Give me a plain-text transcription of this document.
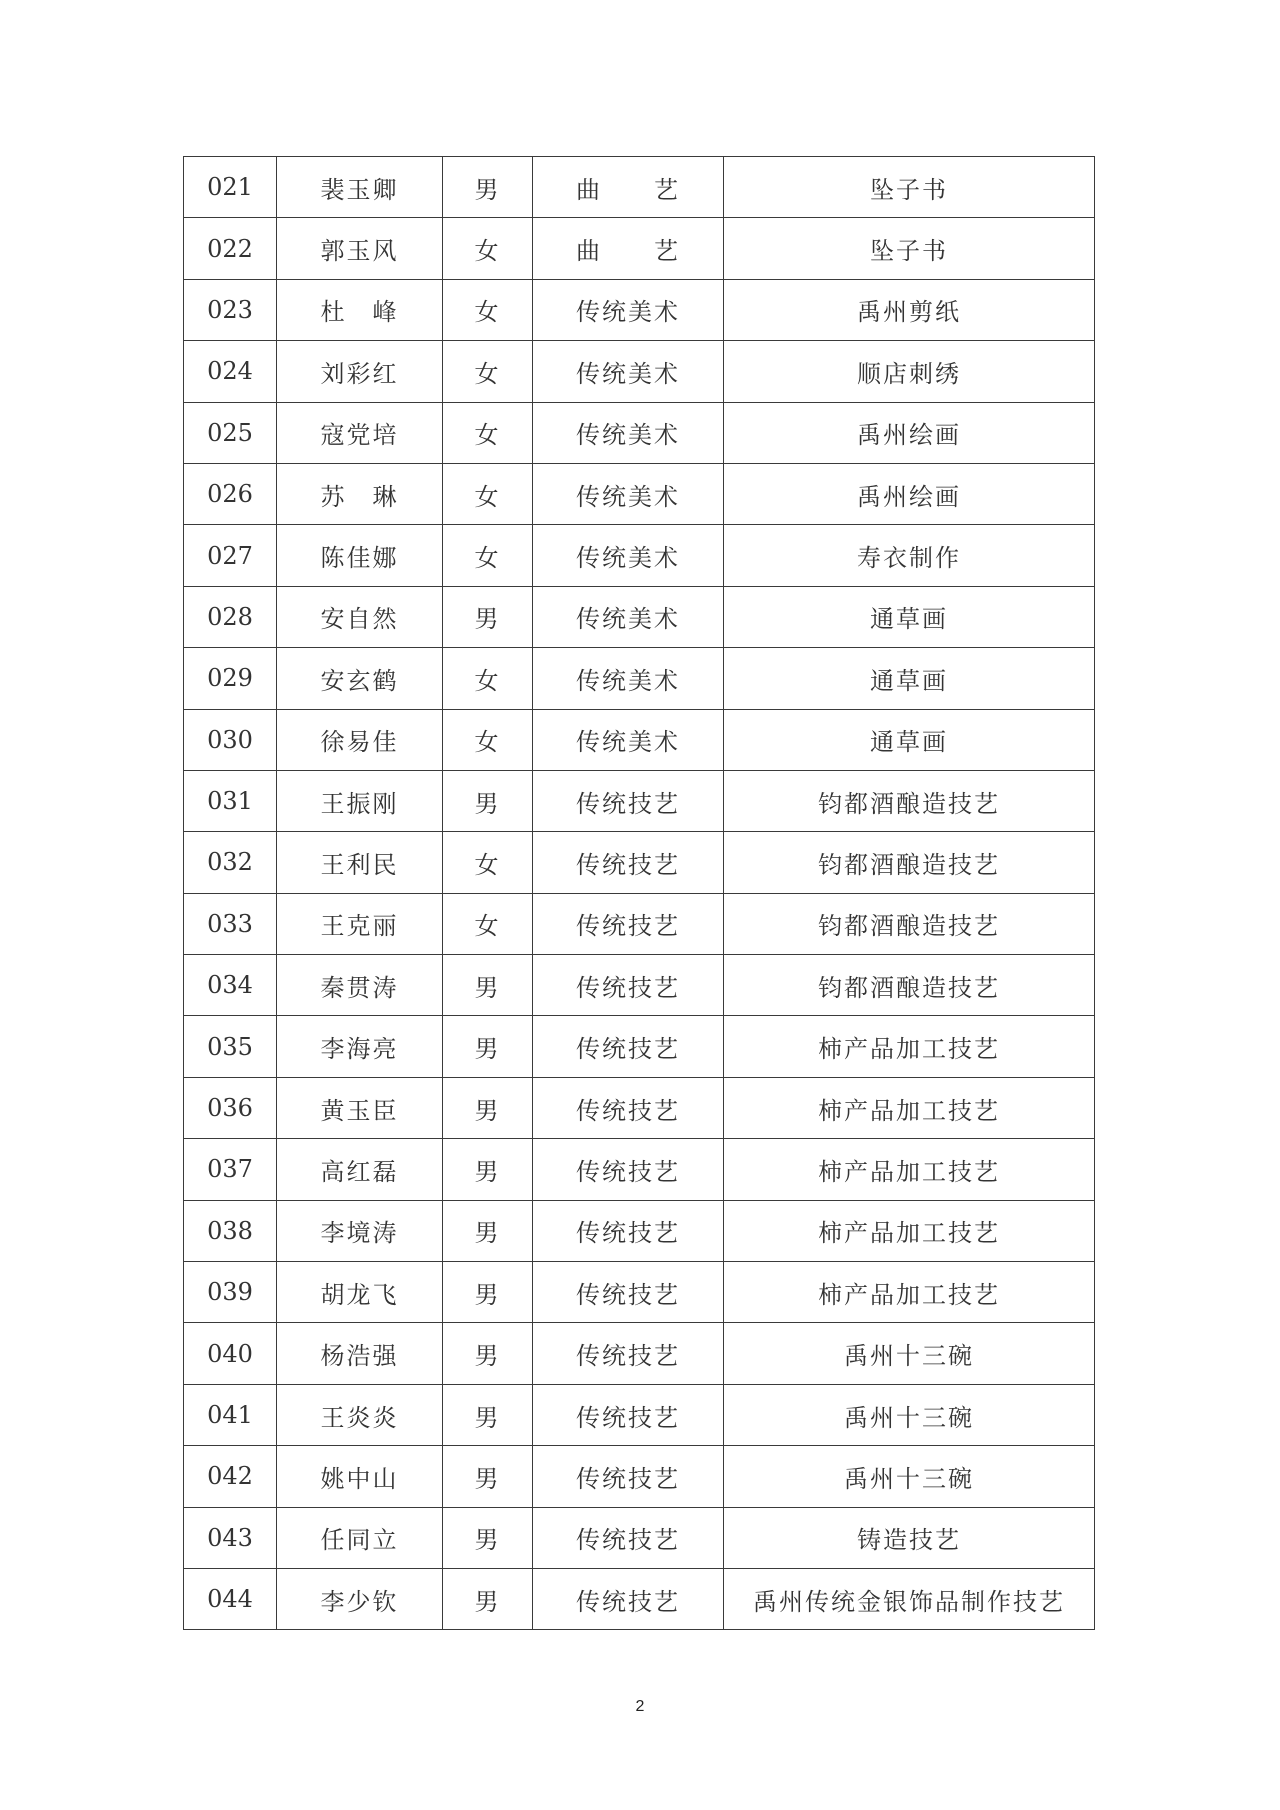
021	裴玉卿	男	曲　　艺	坠子书
022	郭玉风	女	曲　　艺	坠子书
023	杜　峰	女	传统美术	禹州剪纸
024	刘彩红	女	传统美术	顺店刺绣
025	寇党培	女	传统美术	禹州绘画
026	苏　琳	女	传统美术	禹州绘画
027	陈佳娜	女	传统美术	寿衣制作
028	安自然	男	传统美术	通草画
029	安玄鹤	女	传统美术	通草画
030	徐易佳	女	传统美术	通草画
031	王振刚	男	传统技艺	钧都酒酿造技艺
032	王利民	女	传统技艺	钧都酒酿造技艺
033	王克丽	女	传统技艺	钧都酒酿造技艺
034	秦贯涛	男	传统技艺	钧都酒酿造技艺
035	李海亮	男	传统技艺	柿产品加工技艺
036	黄玉臣	男	传统技艺	柿产品加工技艺
037	高红磊	男	传统技艺	柿产品加工技艺
038	李境涛	男	传统技艺	柿产品加工技艺
039	胡龙飞	男	传统技艺	柿产品加工技艺
040	杨浩强	男	传统技艺	禹州十三碗
041	王炎炎	男	传统技艺	禹州十三碗
042	姚中山	男	传统技艺	禹州十三碗
043	任同立	男	传统技艺	铸造技艺
044	李少钦	男	传统技艺	禹州传统金银饰品制作技艺
2
